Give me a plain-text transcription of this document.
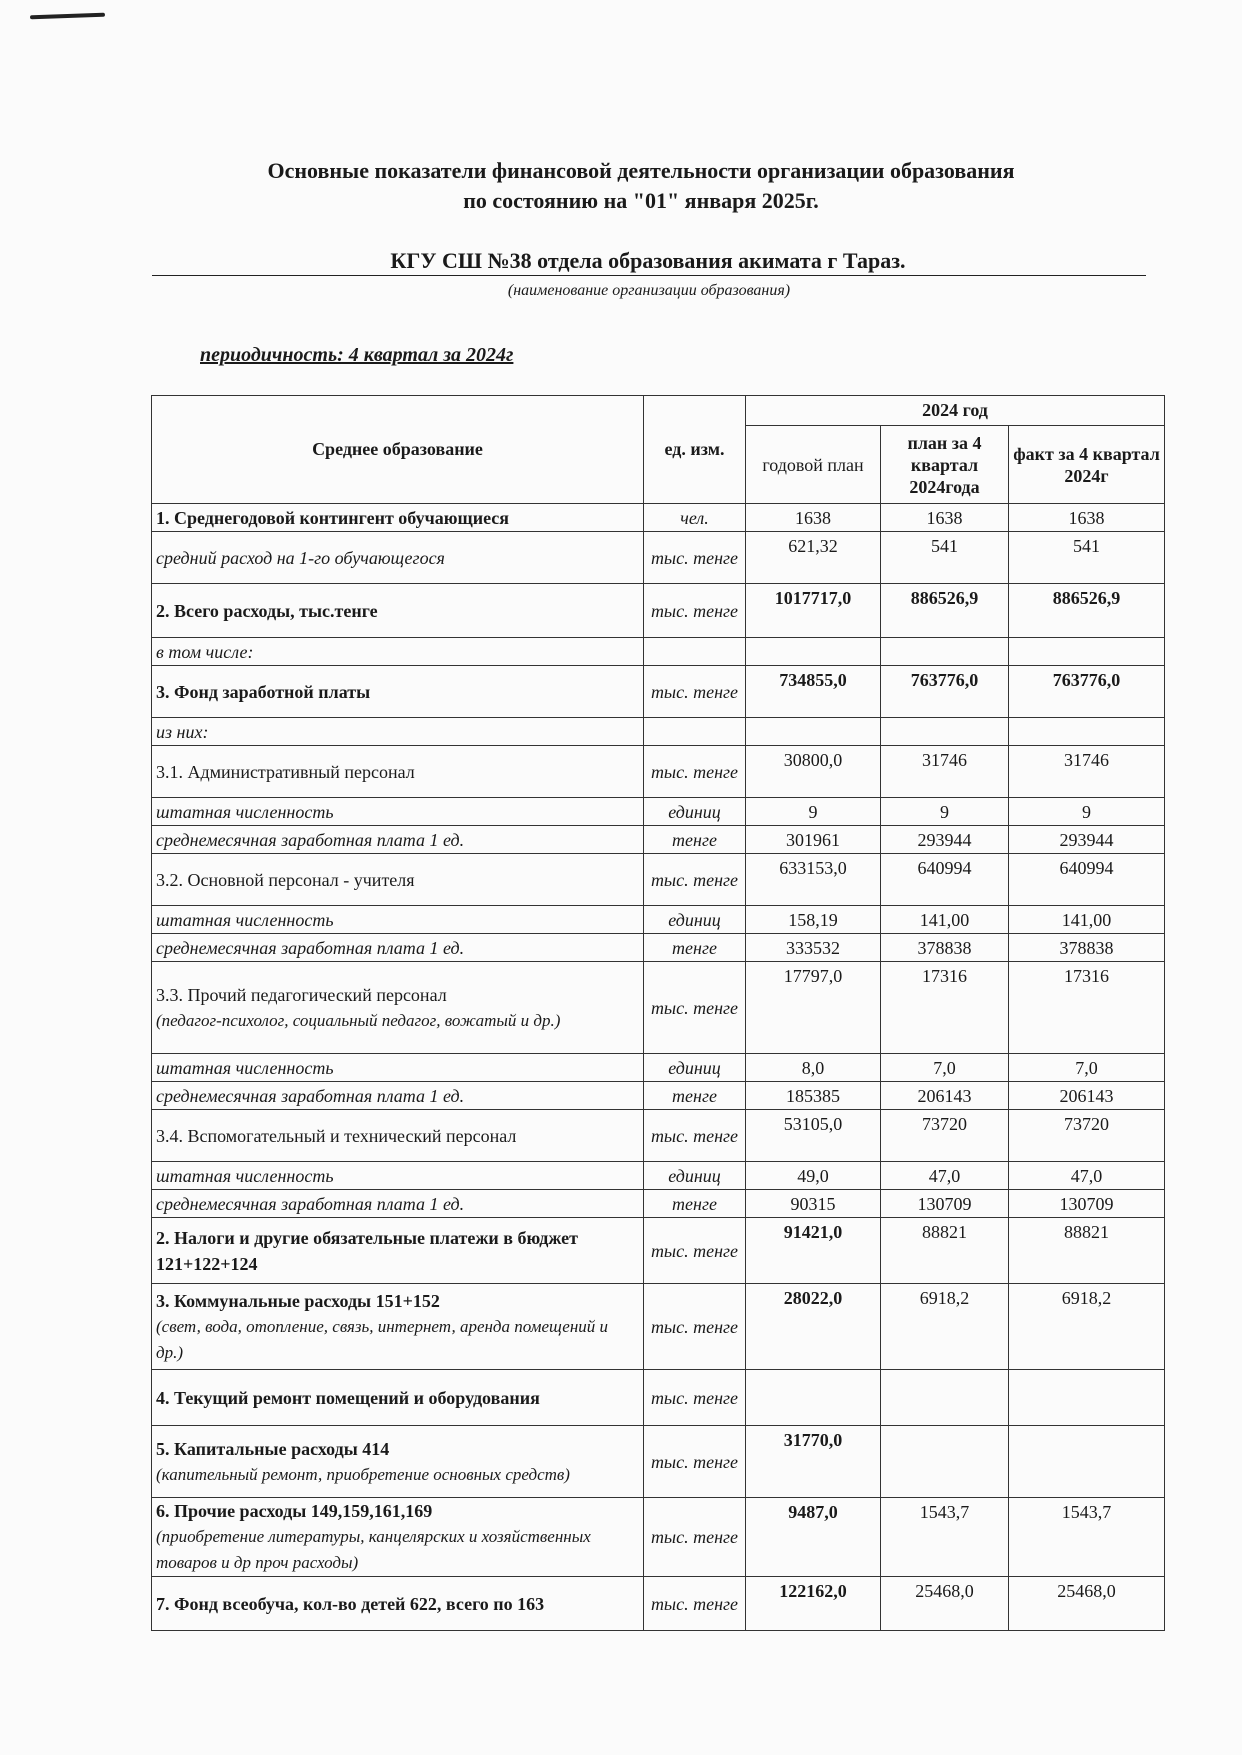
Основные показатели финансовой деятельности организации образования
по состоянию на "01" января 2025г.
КГУ СШ №38 отдела образования акимата г Тараз.
(наименование организации образования)
периодичность: 4 квартал за 2024г
Среднее образование	ед. изм.	2024 год		
		годовой план	план за 4 квартал 2024года	факт за 4 квартал 2024г
1. Среднегодовой контингент обучающиеся	чел.	1638	1638	1638
средний расход на 1-го обучающегося	тыс. тенге	621,32	541	541
2. Всего расходы, тыс.тенге	тыс. тенге	1017717,0	886526,9	886526,9
в том числе:				
3. Фонд заработной платы	тыс. тенге	734855,0	763776,0	763776,0
из них:				
3.1. Административный персонал	тыс. тенге	30800,0	31746	31746
штатная численность	единиц	9	9	9
среднемесячная заработная плата 1 ед.	тенге	301961	293944	293944
3.2. Основной персонал - учителя	тыс. тенге	633153,0	640994	640994
штатная численность	единиц	158,19	141,00	141,00
среднемесячная заработная плата 1 ед.	тенге	333532	378838	378838
3.3. Прочий педагогический персонал
(педагог-психолог, социальный педагог, вожатый и др.)	тыс. тенге	17797,0	17316	17316
штатная численность	единиц	8,0	7,0	7,0
среднемесячная заработная плата 1 ед.	тенге	185385	206143	206143
3.4. Вспомогательный и технический персонал	тыс. тенге	53105,0	73720	73720
штатная численность	единиц	49,0	47,0	47,0
среднемесячная заработная плата 1 ед.	тенге	90315	130709	130709
2. Налоги и другие обязательные платежи в бюджет 121+122+124	тыс. тенге	91421,0	88821	88821
3. Коммунальные расходы 151+152
(свет, вода, отопление, связь, интернет, аренда помещений и др.)	тыс. тенге	28022,0	6918,2	6918,2
4. Текущий ремонт помещений и оборудования	тыс. тенге			
5. Капитальные расходы 414
(капительный ремонт, приобретение основных средств)	тыс. тенге	31770,0		
6. Прочие расходы 149,159,161,169
(приобретение литературы, канцелярских и хозяйственных товаров и др проч расходы)	тыс. тенге	9487,0	1543,7	1543,7
7. Фонд всеобуча, кол-во детей 622, всего по 163	тыс. тенге	122162,0	25468,0	25468,0
